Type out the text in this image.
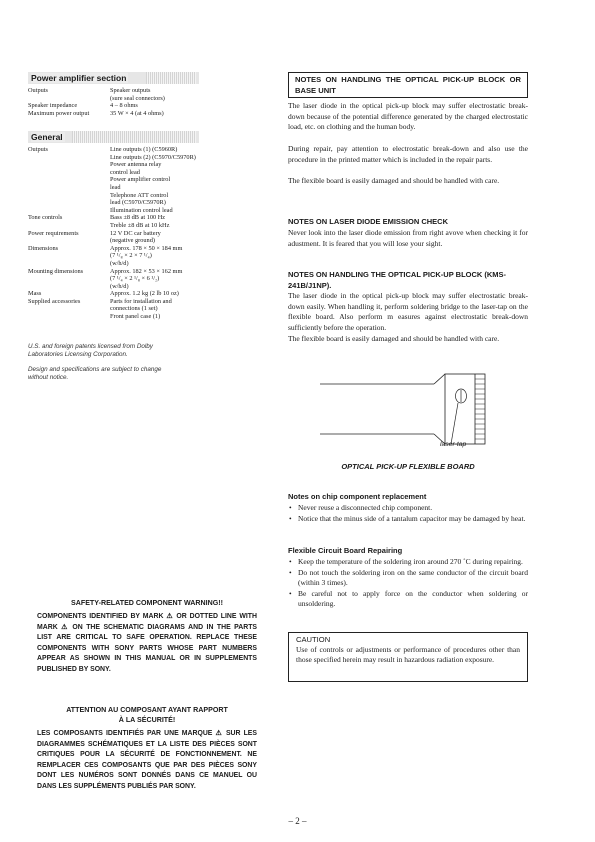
Power amplifier section
Outputs	Speaker outputs
(sure seal connectors)
Speaker impedance	4 – 8 ohms
Maximum power output	35 W × 4 (at 4 ohms)
General
Outputs	Line outputs (1) (C5960R)
Line outputs (2) (C5970/C5970R)
Power antenna relay
control lead
Power amplifier control
lead
Telephone ATT control
lead (C5970/C5970R)
Illumination control lead
Tone controls	Bass ±8 dB at 100 Hz
Treble ±8 dB at 10 kHz
Power requirements	12 V DC car battery
(negative ground)
Dimensions	Approx. 178 × 50 × 184 mm
(7 ¹/₈ × 2 × 7 ¹/₄)
(w/h/d)
Mounting dimensions	Approx. 182 × 53 × 162 mm
(7 ¹/₄ × 2 ¹/₈ × 6 ¹/₂)
(w/h/d)
Mass	Approx. 1.2 kg (2 lb 10 oz)
Supplied accessories	Parts for installation and
connections (1 set)
Front panel case (1)
U.S. and foreign patents licensed from Dolby
Laboratories Licensing Corporation.
Design and specifications are subject to change
without notice.
SAFETY-RELATED COMPONENT WARNING!!
COMPONENTS IDENTIFIED BY MARK ⚠ OR DOTTED LINE WITH MARK ⚠ ON THE SCHEMATIC DIAGRAMS AND IN THE PARTS LIST ARE CRITICAL TO SAFE OPERATION. REPLACE THESE COMPONENTS WITH SONY PARTS WHOSE PART NUMBERS APPEAR AS SHOWN IN THIS MANUAL OR IN SUPPLEMENTS PUBLISHED BY SONY.
ATTENTION AU COMPOSANT AYANT RAPPORT
À LA SÉCURITÉ!
LES COMPOSANTS IDENTIFIÉS PAR UNE MARQUE ⚠ SUR LES DIAGRAMMES SCHÉMATIQUES ET LA LISTE DES PIÈCES SONT CRITIQUES POUR LA SÉCURITÉ DE FONCTIONNEMENT. NE REMPLACER CES COMPOSANTS QUE PAR DES PIÈCES SONY DONT LES NUMÉROS SONT DONNÉS DANS CE MANUEL OU DANS LES SUPPLÉMENTS PUBLIÉS PAR SONY.
NOTES ON HANDLING THE OPTICAL PICK-UP BLOCK OR BASE UNIT
The laser diode in the optical pick-up block may suffer electrostatic break-down because of the potential difference generated by the charged electrostatic load, etc. on clothing and the human body.
During repair, pay attention to electrostatic break-down and also use the procedure in the printed matter which is included in the repair parts.
The flexible board is easily damaged and should be handled with care.
NOTES ON LASER DIODE EMISSION CHECK
Never look into the laser diode emission from right avove when checking it for adustment. It is feared that you will lose your sight.
NOTES ON HANDLING THE OPTICAL PICK-UP BLOCK (KMS-241B/J1NP).
The laser diode in the optical pick-up block may suffer electrostatic break-down easily. When handling it, perform soldering bridge to the laser-tap on the flexible board. Also perform m easures against electrostatic break-down sufficiently before the operation.
The flexible board is easily damaged and should be handled with care.
laser-tap
OPTICAL PICK-UP FLEXIBLE BOARD
Notes on chip component replacement
• Never reuse a disconnected chip component.
• Notice that the minus side of a tantalum capacitor may be damaged by heat.
Flexible Circuit Board Repairing
• Keep the temperature of the soldering iron around 270 ˚C during repairing.
• Do not touch the soldering iron on the same conductor of the circuit board (within 3 times).
• Be careful not to apply force on the conductor when soldering or unsoldering.
CAUTION
Use of controls or adjustments or performance of procedures other than those specified herein may result in hazardous radiation exposure.
– 2 –
